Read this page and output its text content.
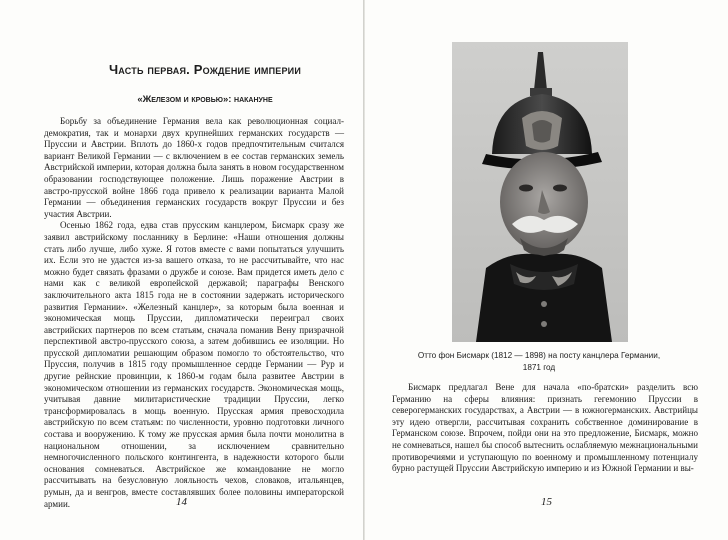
Часть первая. Рождение империи
«Железом и кровью»: накануне

Борьбу за объединение Германия вела как революционная социал-демократия, так и монархи двух крупнейших германских государств — Пруссии и Австрии. Вплоть до 1860-х годов предпочтительным считался вариант Великой Германии — с включением в ее состав германских земель Австрийской империи, которая должна была занять в новом государственном образовании господствующее положение. Лишь поражение Австрии в австро-прусской войне 1866 года привело к реализации варианта Малой Германии — объединения германских государств вокруг Пруссии и без участия Австрии.

Осенью 1862 года, едва став прусским канцлером, Бисмарк сразу же заявил австрийскому посланнику в Берлине: «Наши отношения должны стать либо лучше, либо хуже. Я готов вместе с вами попытаться улучшить их. Если это не удастся из-за вашего отказа, то не рассчитывайте, что нас можно будет связать фразами о дружбе и союзе. Вам придется иметь дело с нами как с великой европейской державой; параграфы Венского заключительного акта 1815 года не в состоянии задержать исторического развития Германии». «Железный канцлер», за которым была военная и экономическая мощь Пруссии, дипломатически переиграл своих австрийских партнеров по всем статьям, сначала поманив Вену призрачной перспективой австро-прусского союза, а затем добившись ее изоляции. Но прусской дипломатии решающим образом помогло то обстоятельство, что Пруссия, получив в 1815 году промышленное сердце Германии — Рур и другие рейнские провинции, к 1860-м годам была развитее Австрии в экономическом отношении из германских государств. Экономическая мощь, учитывая давние милитаристические традиции Пруссии, легко трансформировалась в мощь военную. Прусская армия превосходила австрийскую по всем статьям: по численности, уровню подготовки личного состава и вооружению. К тому же прусская армия была почти монолитна в национальном отношении, за исключением сравнительно немногочисленного польского контингента, в надежности которого были основания сомневаться. Австрийское же командование не могло рассчитывать на безусловную лояльность чехов, словаков, итальянцев, румын, да и венгров, вместе составлявших более половины императорской армии.	14	15
Отто фон Бисмарк (1812 — 1898) на посту канцлера Германии, 1871 год

Бисмарк предлагал Вене для начала «по-братски» разделить всю Германию на сферы влияния: признать гегемонию Пруссии в северогерманских государствах, а Австрии — в южногерманских. Австрийцы эту идею отвергли, рассчитывая сохранить собственное доминирование в Германском союзе. Впрочем, пойди они на это предложение, Бисмарк, можно не сомневаться, нашел бы способ вытеснить ослабляемую межнациональными противоречиями и уступающую по военному и промышленному потенциалу бурно растущей Пруссии Австрийскую империю и из Южной Германии и вы-
